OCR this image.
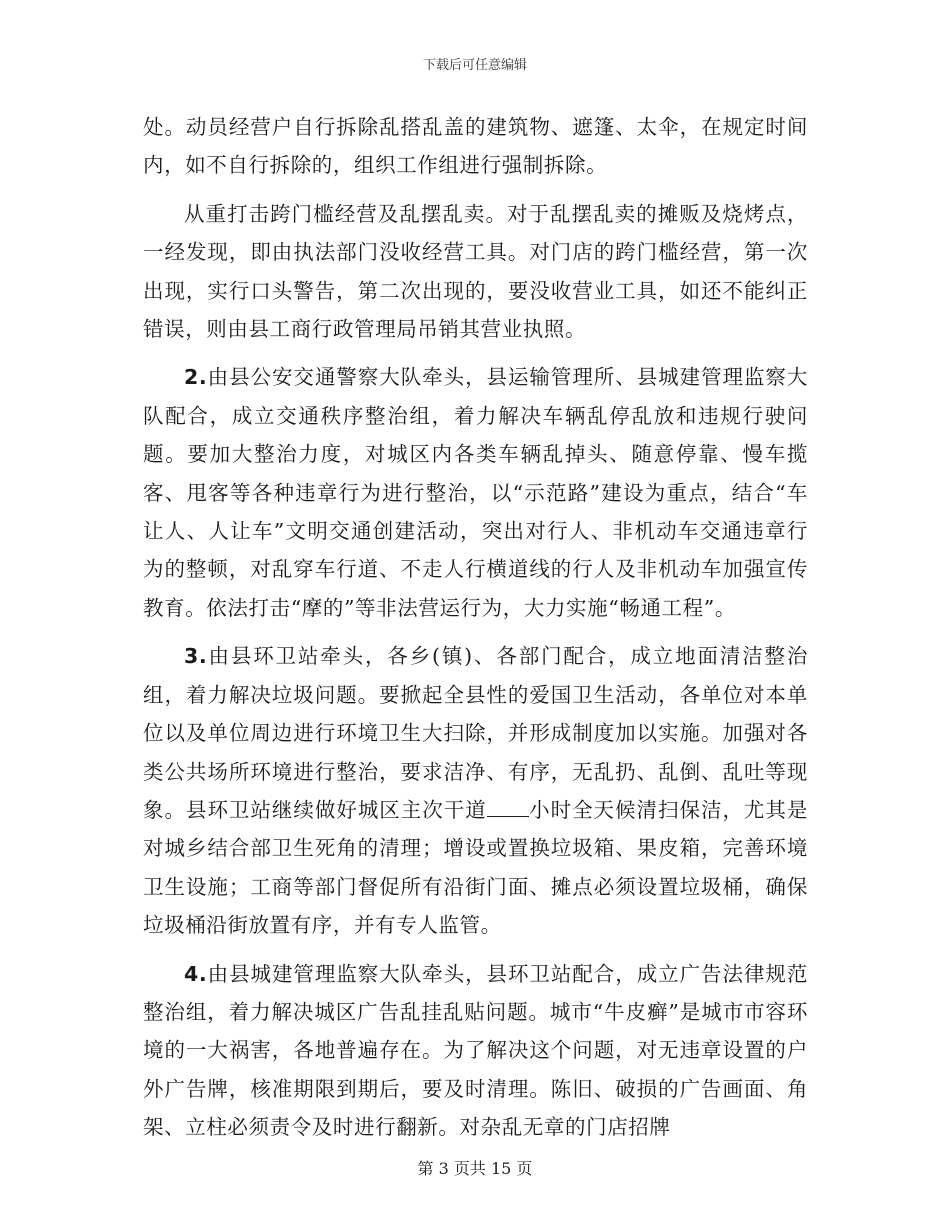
下载后可任意编辑

处。动员经营户自行拆除乱搭乱盖的建筑物、遮篷、太伞，在规定时间内，如不自行拆除的，组织工作组进行强制拆除。

从重打击跨门槛经营及乱摆乱卖。对于乱摆乱卖的摊贩及烧烤点，一经发现，即由执法部门没收经营工具。对门店的跨门槛经营，第一次出现，实行口头警告，第二次出现的，要没收营业工具，如还不能纠正错误，则由县工商行政管理局吊销其营业执照。

2.由县公安交通警察大队牵头，县运输管理所、县城建管理监察大队配合，成立交通秩序整治组，着力解决车辆乱停乱放和违规行驶问题。要加大整治力度，对城区内各类车辆乱掉头、随意停靠、慢车揽客、甩客等各种违章行为进行整治，以“示范路”建设为重点，结合“车让人、人让车”文明交通创建活动，突出对行人、非机动车交通违章行为的整顿，对乱穿车行道、不走人行横道线的行人及非机动车加强宣传教育。依法打击“摩的”等非法营运行为，大力实施“畅通工程”。

3.由县环卫站牵头，各乡(镇)、各部门配合，成立地面清洁整治组，着力解决垃圾问题。要掀起全县性的爱国卫生活动，各单位对本单位以及单位周边进行环境卫生大扫除，并形成制度加以实施。加强对各类公共场所环境进行整治，要求洁净、有序，无乱扔、乱倒、乱吐等现象。县环卫站继续做好城区主次干道 小时全天候清扫保洁，尤其是对城乡结合部卫生死角的清理；增设或置换垃圾箱、果皮箱，完善环境卫生设施；工商等部门督促所有沿街门面、摊点必须设置垃圾桶，确保垃圾桶沿街放置有序，并有专人监管。

4.由县城建管理监察大队牵头，县环卫站配合，成立广告法律规范整治组，着力解决城区广告乱挂乱贴问题。城市“牛皮癣”是城市市容环境的一大祸害，各地普遍存在。为了解决这个问题，对无违章设置的户外广告牌，核准期限到期后，要及时清理。陈旧、破损的广告画面、角架、立柱必须责令及时进行翻新。对杂乱无章的门店招牌

第 3 页共 15 页
